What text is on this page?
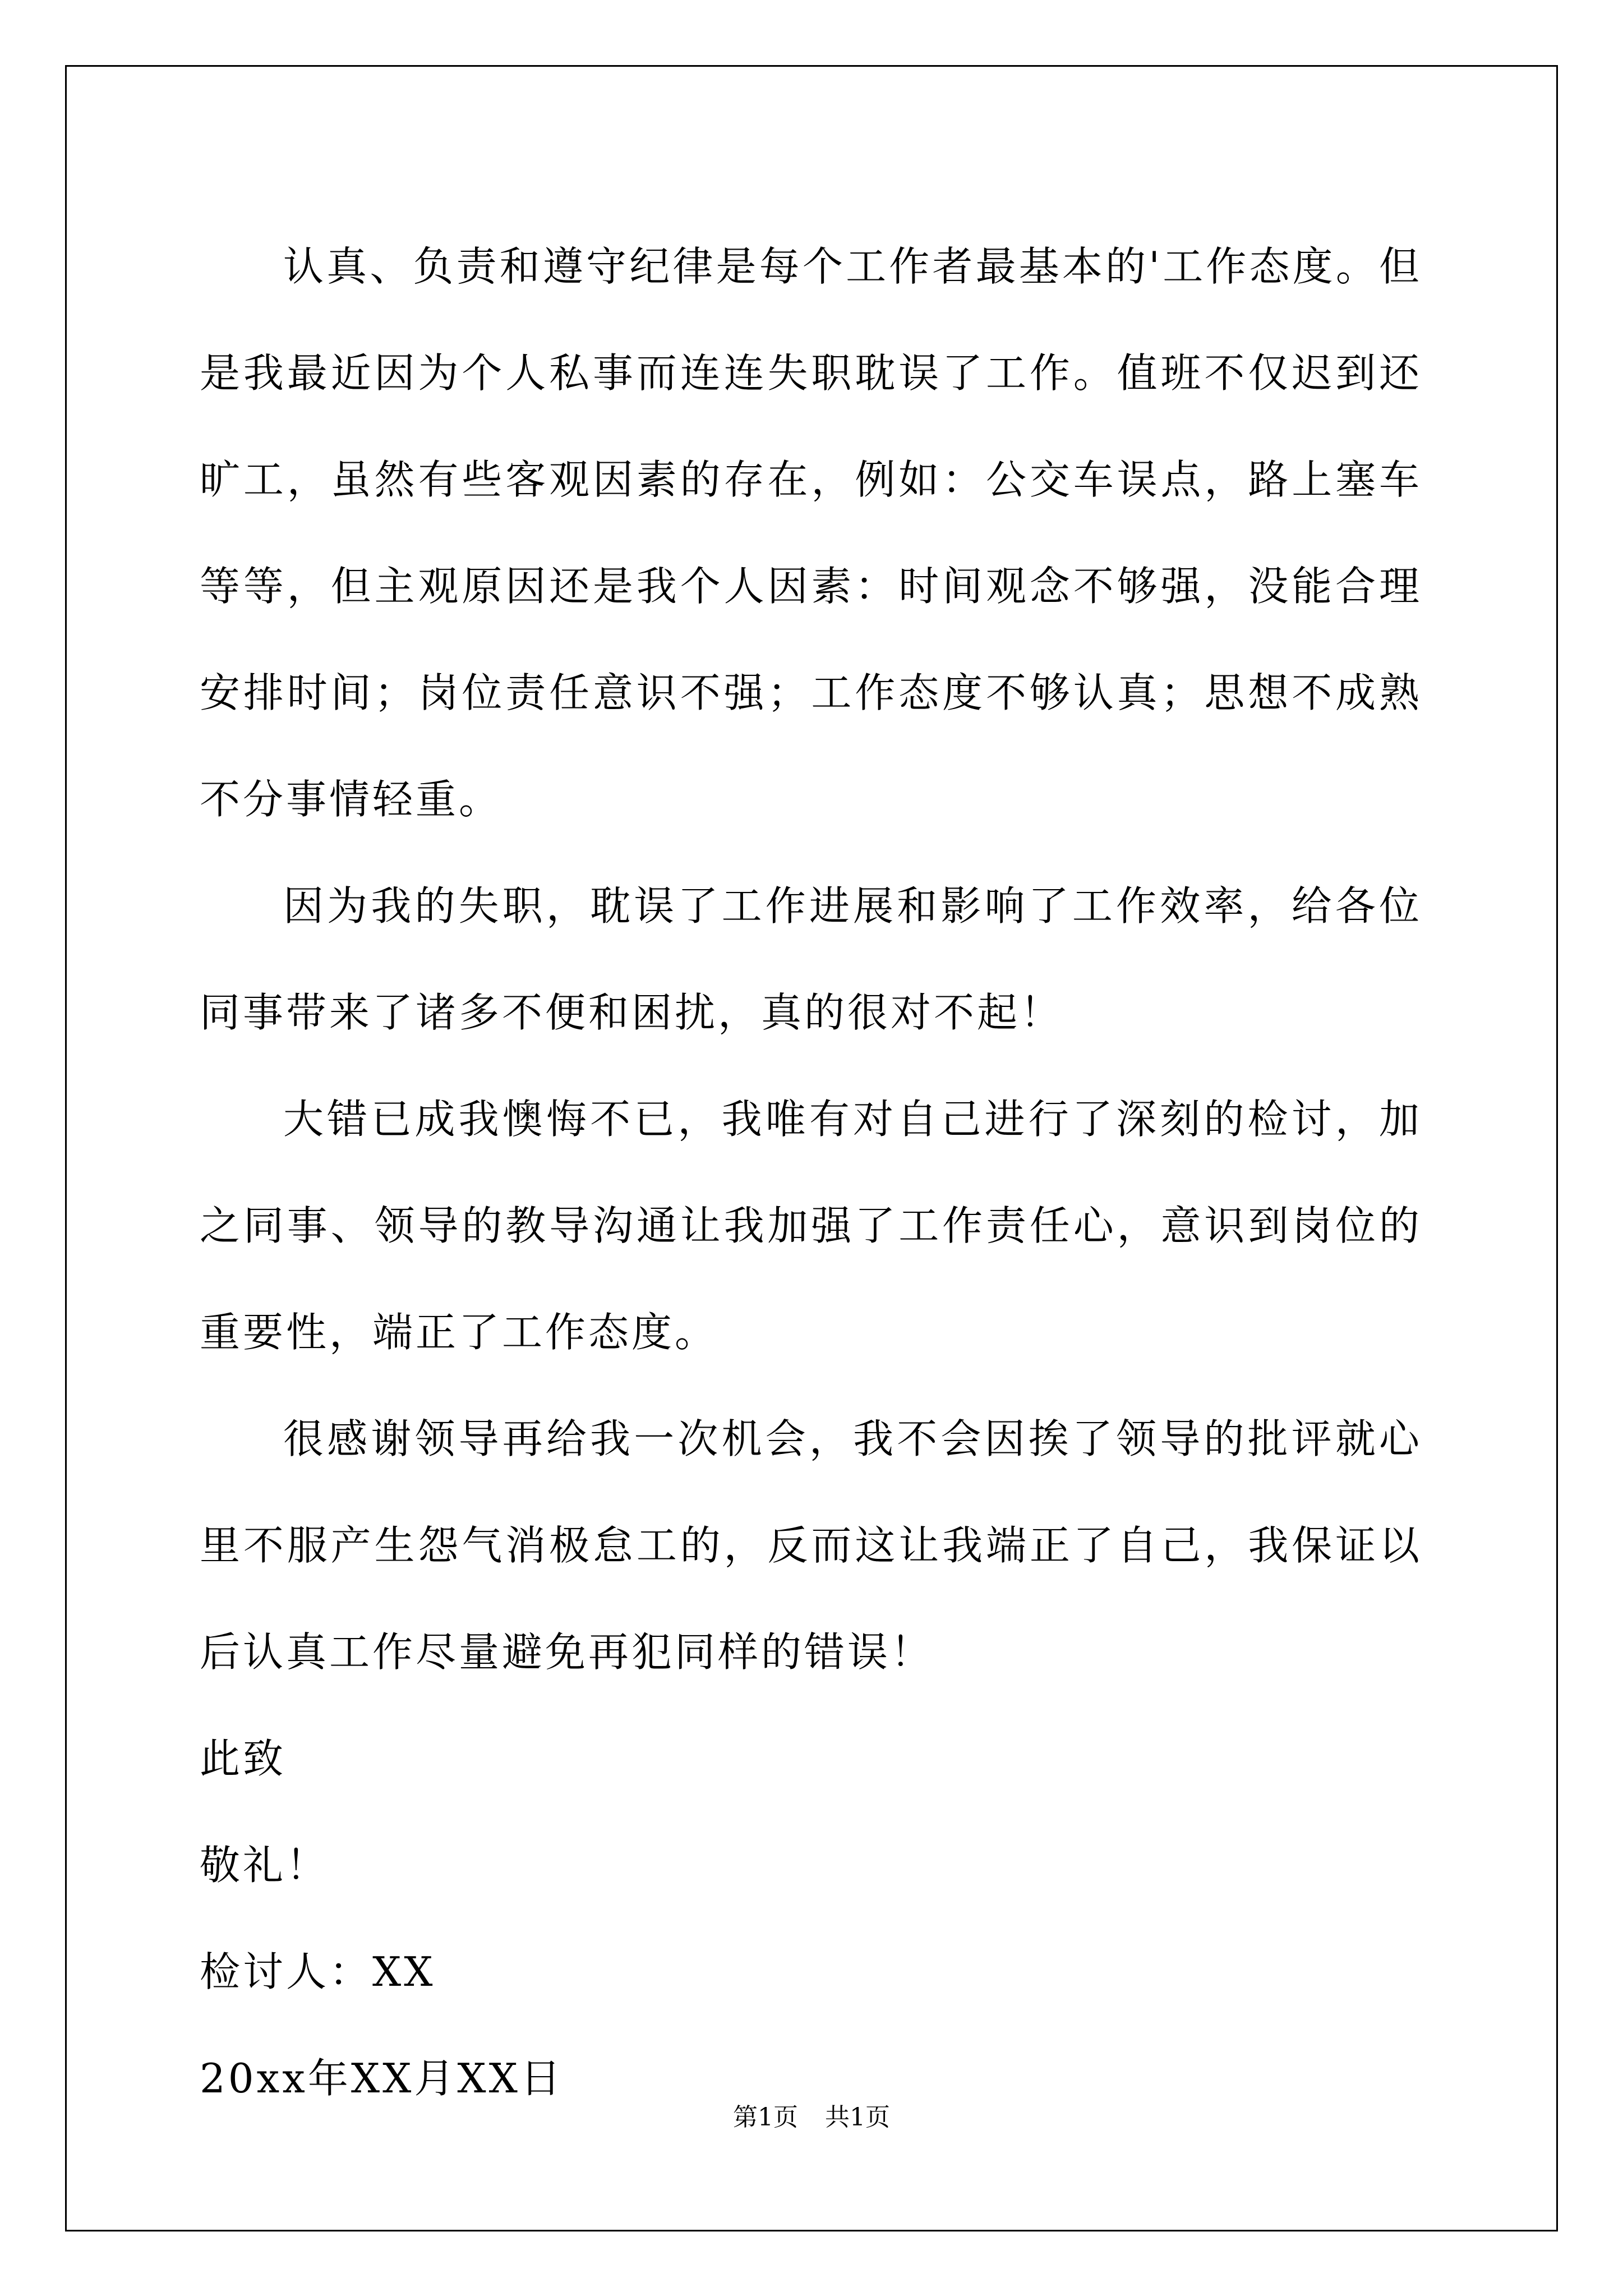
认真、负责和遵守纪律是每个工作者最基本的'工作态度。但是我最近因为个人私事而连连失职耽误了工作。值班不仅迟到还旷工，虽然有些客观因素的存在，例如：公交车误点，路上塞车等等，但主观原因还是我个人因素：时间观念不够强，没能合理安排时间；岗位责任意识不强；工作态度不够认真；思想不成熟不分事情轻重。

因为我的失职，耽误了工作进展和影响了工作效率，给各位同事带来了诸多不便和困扰，真的很对不起！

大错已成我懊悔不已，我唯有对自己进行了深刻的检讨，加之同事、领导的教导沟通让我加强了工作责任心，意识到岗位的重要性，端正了工作态度。

很感谢领导再给我一次机会，我不会因挨了领导的批评就心里不服产生怨气消极怠工的，反而这让我端正了自己，我保证以后认真工作尽量避免再犯同样的错误！

此致

敬礼！

检讨人：XX

20xx年XX月XX日

第1页 共1页
